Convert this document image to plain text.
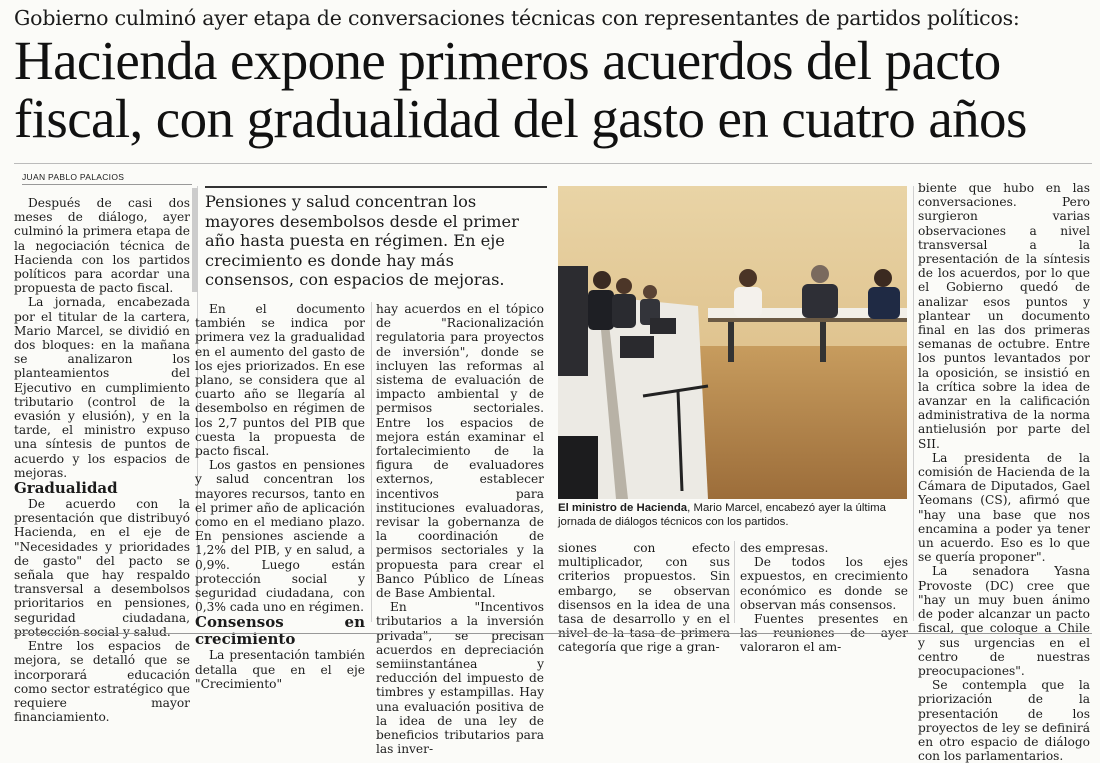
Gobierno culminó ayer etapa de conversaciones técnicas con representantes de partidos políticos:
Hacienda expone primeros acuerdos del pacto
fiscal, con gradualidad del gasto en cuatro años
JUAN PABLO PALACIOS

Después de casi dos meses de diálogo, ayer culminó la primera etapa de la negociación técnica de Hacienda con los partidos políticos para acordar una propuesta de pacto fiscal.

La jornada, encabezada por el titular de la cartera, Mario Marcel, se dividió en dos bloques: en la mañana se analizaron los planteamientos del Ejecutivo en cumplimiento tributario (control de la evasión y elusión), y en la tarde, el ministro expuso una síntesis de puntos de acuerdo y los espacios de mejoras.

Gradualidad

De acuerdo con la presentación que distribuyó Hacienda, en el eje de "Necesidades y prioridades de gasto" del pacto se señala que hay respaldo transversal a desembolsos prioritarios en pensiones, seguridad ciudadana, protección social y salud.

Entre los espacios de mejora, se detalló que se incorporará educación como sector estratégico que requiere mayor financiamiento.

Pensiones y salud concentran los mayores desembolsos desde el primer año hasta puesta en régimen. En eje crecimiento es donde hay más consensos, con espacios de mejoras.

En el documento también se indica por primera vez la gradualidad en el aumento del gasto de los ejes priorizados. En ese plano, se considera que al cuarto año se llegaría al desembolso en régimen de los 2,7 puntos del PIB que cuesta la propuesta de pacto fiscal.

Los gastos en pensiones y salud concentran los mayores recursos, tanto en el primer año de aplicación como en el mediano plazo. En pensiones asciende a 1,2% del PIB, y en salud, a 0,9%. Luego están protección social y seguridad ciudadana, con 0,3% cada uno en régimen.

Consensos en crecimiento

La presentación también detalla que en el eje "Crecimiento"

hay acuerdos en el tópico de "Racionalización regulatoria para proyectos de inversión", donde se incluyen las reformas al sistema de evaluación de impacto ambiental y de permisos sectoriales. Entre los espacios de mejora están examinar el fortalecimiento de la figura de evaluadores externos, establecer incentivos para instituciones evaluadoras, revisar la gobernanza de la coordinación de permisos sectoriales y la propuesta para crear el Banco Público de Líneas de Base Ambiental.

En "Incentivos tributarios a la inversión privada", se precisan acuerdos en depreciación semiinstantánea y reducción del impuesto de timbres y estampillas. Hay una evaluación positiva de la idea de una ley de beneficios tributarios para las inver-

El ministro de Hacienda, Mario Marcel, encabezó ayer la última jornada de diálogos técnicos con los partidos.

siones con efecto multiplicador, con sus criterios propuestos. Sin embargo, se observan disensos en la idea de una tasa de desarrollo y en el nivel de la tasa de primera categoría que rige a gran-

des empresas.

De todos los ejes expuestos, en crecimiento económico es donde se observan más consensos.

Fuentes presentes en las reuniones de ayer valoraron el am-

biente que hubo en las conversaciones. Pero surgieron varias observaciones a nivel transversal a la presentación de la síntesis de los acuerdos, por lo que el Gobierno quedó de analizar esos puntos y plantear un documento final en las dos primeras semanas de octubre. Entre los puntos levantados por la oposición, se insistió en la crítica sobre la idea de avanzar en la calificación administrativa de la norma antielusión por parte del SII.

La presidenta de la comisión de Hacienda de la Cámara de Diputados, Gael Yeomans (CS), afirmó que "hay una base que nos encamina a poder ya tener un acuerdo. Eso es lo que se quería proponer".

La senadora Yasna Provoste (DC) cree que "hay un muy buen ánimo de poder alcanzar un pacto fiscal, que coloque a Chile y sus urgencias en el centro de nuestras preocupaciones".

Se contempla que la priorización de la presentación de los proyectos de ley se definirá en otro espacio de diálogo con los parlamentarios.
